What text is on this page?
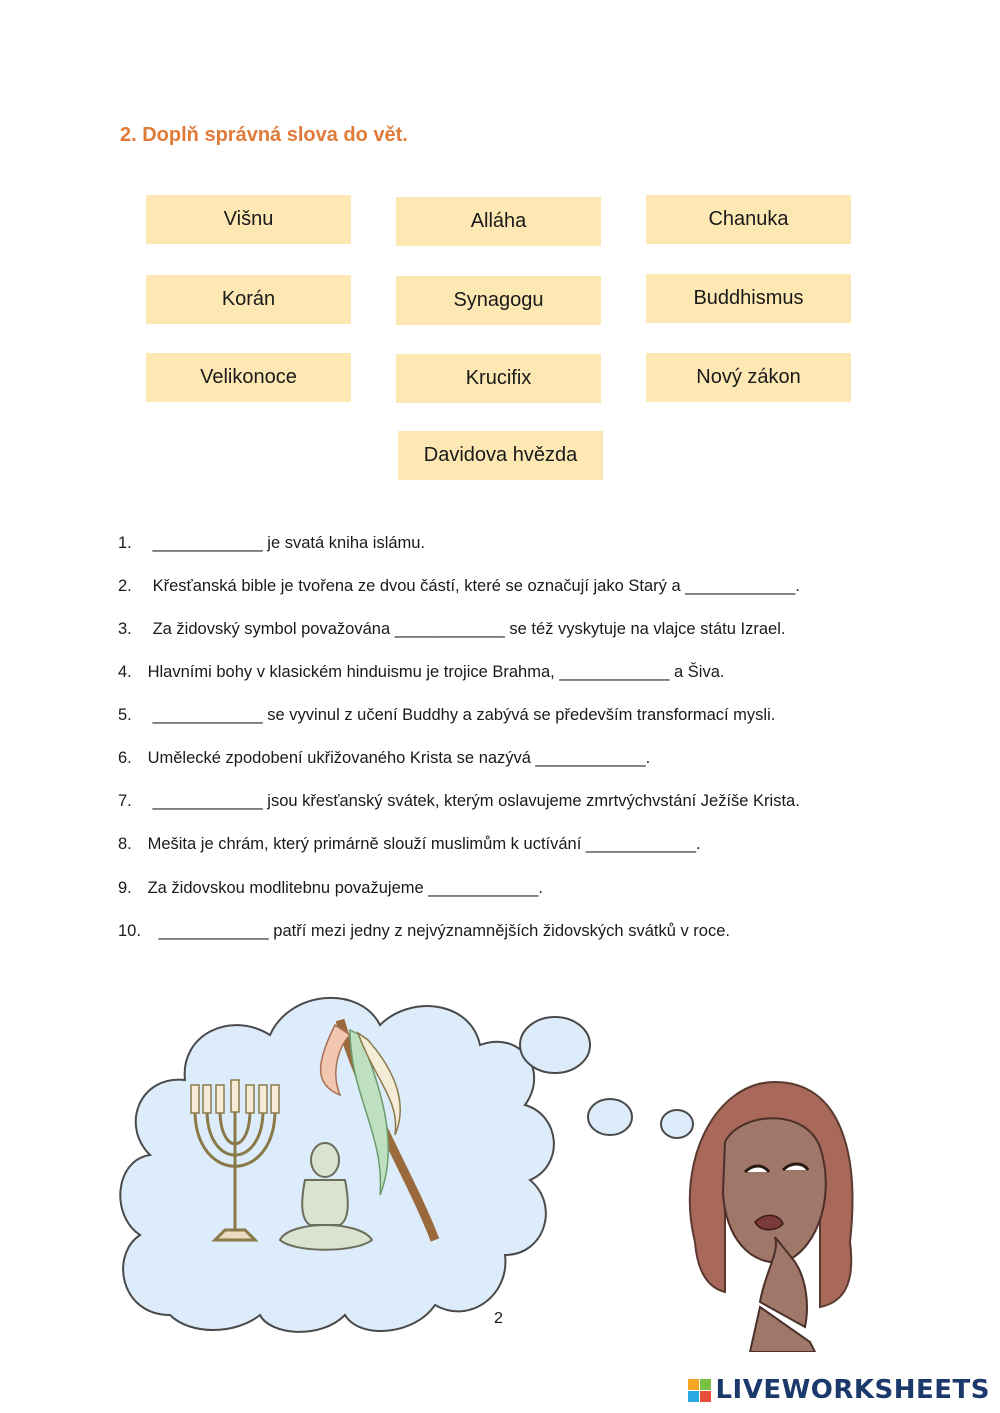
2. Doplň správná slova do vět.
Višnu	Alláha	Chanuka
Korán	Synagogu	Buddhismus
Velikonoce	Krucifix	Nový zákon
Davidova hvězda
1. ____________ je svatá kniha islámu.
2. Křesťanská bible je tvořena ze dvou částí, které se označují jako Starý a ____________.
3. Za židovský symbol považována ____________ se též vyskytuje na vlajce státu Izrael.
4. Hlavními bohy v klasickém hinduismu je trojice Brahma, ____________ a Šiva.
5. ____________ se vyvinul z učení Buddhy a zabývá se především transformací mysli.
6. Umělecké zpodobení ukřižovaného Krista se nazývá ____________.
7. ____________ jsou křesťanský svátek, kterým oslavujeme zmrtvýchvstání Ježíše Krista.
8. Mešita je chrám, který primárně slouží muslimům k uctívání ____________.
9. Za židovskou modlitebnu považujeme ____________.
10. ____________ patří mezi jedny z nejvýznamnějších židovských svátků v roce.
2
LIVEWORKSHEETS
